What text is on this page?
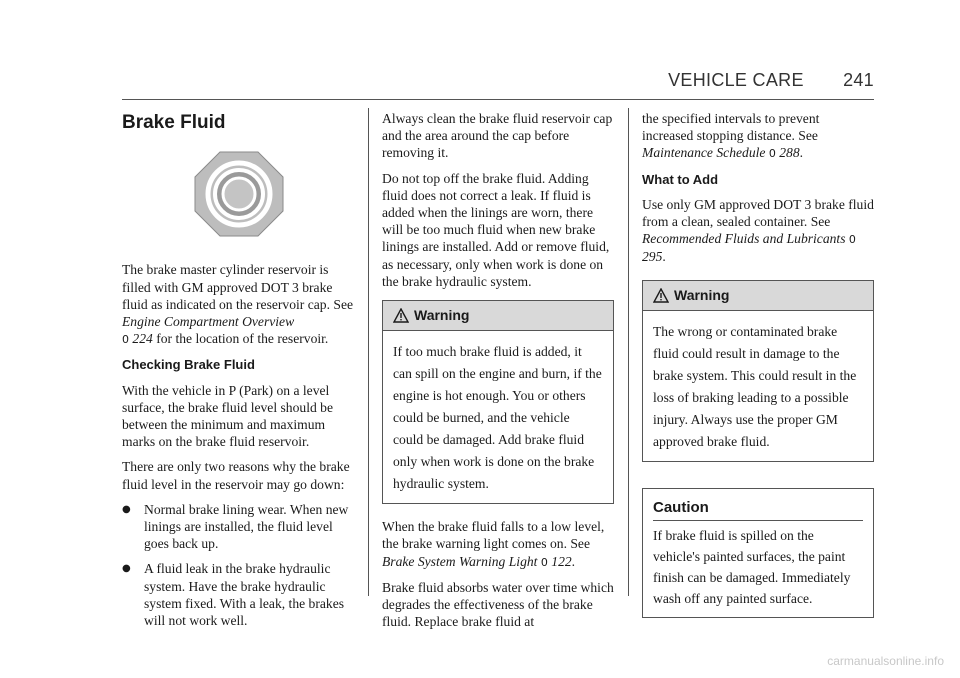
VEHICLE CARE 241
Brake Fluid

The brake master cylinder reservoir is filled with GM approved DOT 3 brake fluid as indicated on the reservoir cap. See Engine Compartment Overview
0 224 for the location of the reservoir.

Checking Brake Fluid

With the vehicle in P (Park) on a level surface, the brake fluid level should be between the minimum and maximum marks on the brake fluid reservoir.

There are only two reasons why the brake fluid level in the reservoir may go down:

● Normal brake lining wear. When new linings are installed, the fluid level goes back up.
● A fluid leak in the brake hydraulic system. Have the brake hydraulic system fixed. With a leak, the brakes will not work well.

Always clean the brake fluid reservoir cap and the area around the cap before removing it.

Do not top off the brake fluid. Adding fluid does not correct a leak. If fluid is added when the linings are worn, there will be too much fluid when new brake linings are installed. Add or remove fluid, as necessary, only when work is done on the brake hydraulic system.

Warning
If too much brake fluid is added, it can spill on the engine and burn, if the engine is hot enough. You or others could be burned, and the vehicle could be damaged. Add brake fluid only when work is done on the brake hydraulic system.

When the brake fluid falls to a low level, the brake warning light comes on. See Brake System Warning Light 0 122.

Brake fluid absorbs water over time which degrades the effectiveness of the brake fluid. Replace brake fluid at

the specified intervals to prevent increased stopping distance. See Maintenance Schedule 0 288.

What to Add

Use only GM approved DOT 3 brake fluid from a clean, sealed container. See Recommended Fluids and Lubricants 0 295.

Warning
The wrong or contaminated brake fluid could result in damage to the brake system. This could result in the loss of braking leading to a possible injury. Always use the proper GM approved brake fluid.
Caution
If brake fluid is spilled on the vehicle's painted surfaces, the paint finish can be damaged. Immediately wash off any painted surface.
carmanualsonline.info
